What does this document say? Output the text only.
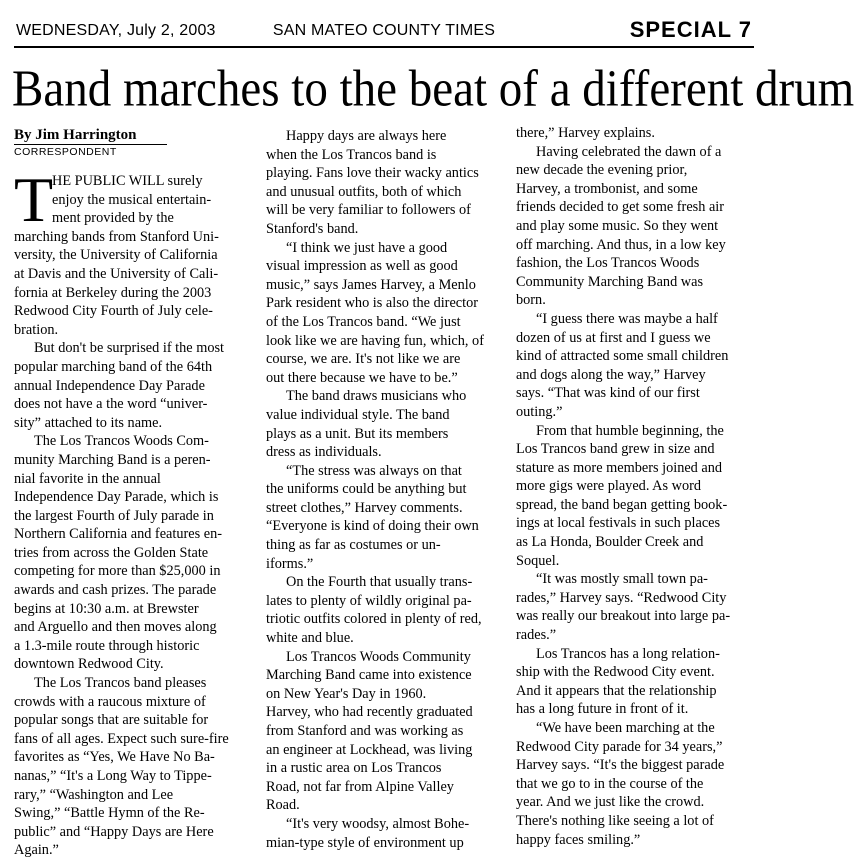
WEDNESDAY, July 2, 2003	SAN MATEO COUNTY TIMES	SPECIAL 7
Band marches to the beat of a different drum
By Jim Harrington
CORRESPONDENT
T
HE PUBLIC WILL surely
enjoy the musical entertain-
ment provided by the
marching bands from Stanford Uni-
versity, the University of California
at Davis and the University of Cali-
fornia at Berkeley during the 2003
Redwood City Fourth of July cele-
bration.
But don't be surprised if the most
popular marching band of the 64th
annual Independence Day Parade
does not have a the word “univer-
sity” attached to its name.
The Los Trancos Woods Com-
munity Marching Band is a peren-
nial favorite in the annual
Independence Day Parade, which is
the largest Fourth of July parade in
Northern California and features en-
tries from across the Golden State
competing for more than $25,000 in
awards and cash prizes. The parade
begins at 10:30 a.m. at Brewster
and Arguello and then moves along
a 1.3-mile route through historic
downtown Redwood City.
The Los Trancos band pleases
crowds with a raucous mixture of
popular songs that are suitable for
fans of all ages. Expect such sure-fire
favorites as “Yes, We Have No Ba-
nanas,” “It's a Long Way to Tippe-
rary,” “Washington and Lee
Swing,” “Battle Hymn of the Re-
public” and “Happy Days are Here
Again.”
Happy days are always here
when the Los Trancos band is
playing. Fans love their wacky antics
and unusual outfits, both of which
will be very familiar to followers of
Stanford's band.
“I think we just have a good
visual impression as well as good
music,” says James Harvey, a Menlo
Park resident who is also the director
of the Los Trancos band. “We just
look like we are having fun, which, of
course, we are. It's not like we are
out there because we have to be.”
The band draws musicians who
value individual style. The band
plays as a unit. But its members
dress as individuals.
“The stress was always on that
the uniforms could be anything but
street clothes,” Harvey comments.
“Everyone is kind of doing their own
thing as far as costumes or un-
iforms.”
On the Fourth that usually trans-
lates to plenty of wildly original pa-
triotic outfits colored in plenty of red,
white and blue.
Los Trancos Woods Community
Marching Band came into existence
on New Year's Day in 1960.
Harvey, who had recently graduated
from Stanford and was working as
an engineer at Lockhead, was living
in a rustic area on Los Trancos
Road, not far from Alpine Valley
Road.
“It's very woodsy, almost Bohe-
mian-type style of environment up
there,” Harvey explains.
Having celebrated the dawn of a
new decade the evening prior,
Harvey, a trombonist, and some
friends decided to get some fresh air
and play some music. So they went
off marching. And thus, in a low key
fashion, the Los Trancos Woods
Community Marching Band was
born.
“I guess there was maybe a half
dozen of us at first and I guess we
kind of attracted some small children
and dogs along the way,” Harvey
says. “That was kind of our first
outing.”
From that humble beginning, the
Los Trancos band grew in size and
stature as more members joined and
more gigs were played. As word
spread, the band began getting book-
ings at local festivals in such places
as La Honda, Boulder Creek and
Soquel.
“It was mostly small town pa-
rades,” Harvey says. “Redwood City
was really our breakout into large pa-
rades.”
Los Trancos has a long relation-
ship with the Redwood City event.
And it appears that the relationship
has a long future in front of it.
“We have been marching at the
Redwood City parade for 34 years,”
Harvey says. “It's the biggest parade
that we go to in the course of the
year. And we just like the crowd.
There's nothing like seeing a lot of
happy faces smiling.”
